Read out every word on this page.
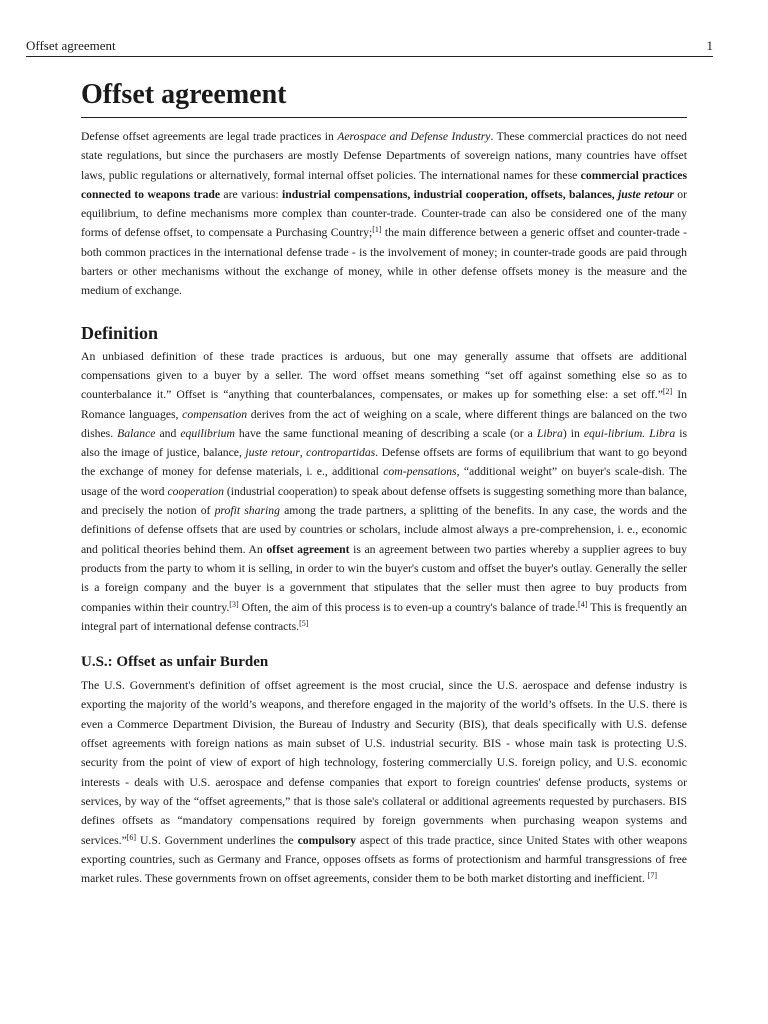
Offset agreement	1
Offset agreement

Defense offset agreements are legal trade practices in Aerospace and Defense Industry. These commercial practices do not need state regulations, but since the purchasers are mostly Defense Departments of sovereign nations, many countries have offset laws, public regulations or alternatively, formal internal offset policies. The international names for these commercial practices connected to weapons trade are various: industrial compensations, industrial cooperation, offsets, balances, juste retour or equilibrium, to define mechanisms more complex than counter-trade. Counter-trade can also be considered one of the many forms of defense offset, to compensate a Purchasing Country;[1] the main difference between a generic offset and counter-trade - both common practices in the international defense trade - is the involvement of money; in counter-trade goods are paid through barters or other mechanisms without the exchange of money, while in other defense offsets money is the measure and the medium of exchange.

Definition

An unbiased definition of these trade practices is arduous, but one may generally assume that offsets are additional compensations given to a buyer by a seller. The word offset means something “set off against something else so as to counterbalance it.” Offset is “anything that counterbalances, compensates, or makes up for something else: a set off.”[2] In Romance languages, compensation derives from the act of weighing on a scale, where different things are balanced on the two dishes. Balance and equilibrium have the same functional meaning of describing a scale (or a Libra) in equi-librium. Libra is also the image of justice, balance, juste retour, contropartidas. Defense offsets are forms of equilibrium that want to go beyond the exchange of money for defense materials, i. e., additional com-pensations, “additional weight” on buyer's scale-dish. The usage of the word cooperation (industrial cooperation) to speak about defense offsets is suggesting something more than balance, and precisely the notion of profit sharing among the trade partners, a splitting of the benefits. In any case, the words and the definitions of defense offsets that are used by countries or scholars, include almost always a pre-comprehension, i. e., economic and political theories behind them. An offset agreement is an agreement between two parties whereby a supplier agrees to buy products from the party to whom it is selling, in order to win the buyer's custom and offset the buyer's outlay. Generally the seller is a foreign company and the buyer is a government that stipulates that the seller must then agree to buy products from companies within their country.[3] Often, the aim of this process is to even-up a country's balance of trade.[4] This is frequently an integral part of international defense contracts.[5]

U.S.: Offset as unfair Burden

The U.S. Government's definition of offset agreement is the most crucial, since the U.S. aerospace and defense industry is exporting the majority of the world’s weapons, and therefore engaged in the majority of the world’s offsets. In the U.S. there is even a Commerce Department Division, the Bureau of Industry and Security (BIS), that deals specifically with U.S. defense offset agreements with foreign nations as main subset of U.S. industrial security. BIS - whose main task is protecting U.S. security from the point of view of export of high technology, fostering commercially U.S. foreign policy, and U.S. economic interests - deals with U.S. aerospace and defense companies that export to foreign countries' defense products, systems or services, by way of the “offset agreements,” that is those sale's collateral or additional agreements requested by purchasers. BIS defines offsets as “mandatory compensations required by foreign governments when purchasing weapon systems and services.”[6] U.S. Government underlines the compulsory aspect of this trade practice, since United States with other weapons exporting countries, such as Germany and France, opposes offsets as forms of protectionism and harmful transgressions of free market rules. These governments frown on offset agreements, consider them to be both market distorting and inefficient. [7]
